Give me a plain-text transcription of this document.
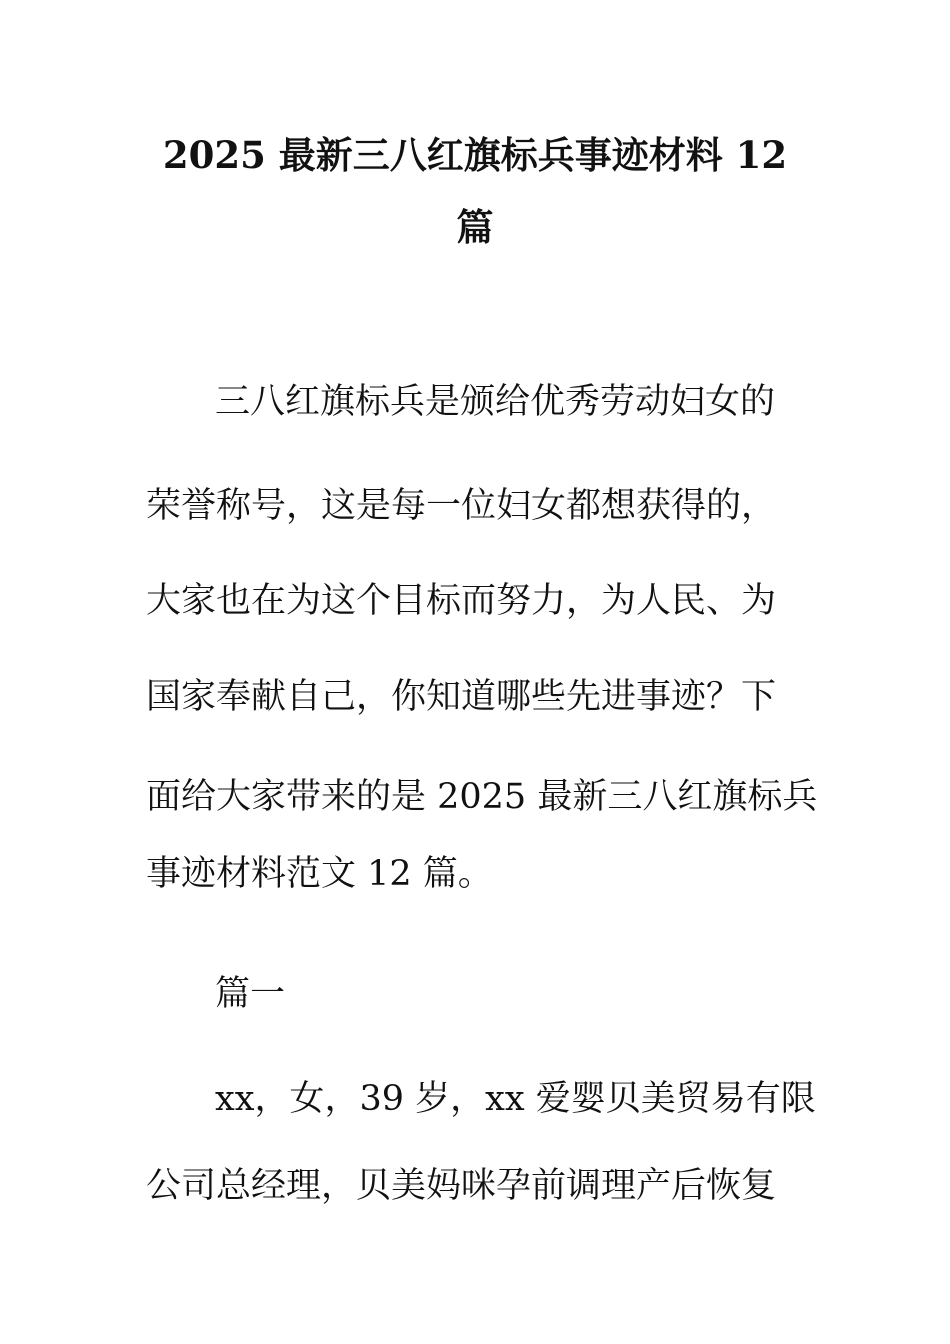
2025 最新三八红旗标兵事迹材料 12
篇
三八红旗标兵是颁给优秀劳动妇女的
荣誉称号，这是每一位妇女都想获得的，
大家也在为这个目标而努力，为人民、为
国家奉献自己，你知道哪些先进事迹？下
面给大家带来的是 2025 最新三八红旗标兵
事迹材料范文 12 篇。
篇一
xx，女，39 岁，xx 爱婴贝美贸易有限
公司总经理，贝美妈咪孕前调理产后恢复
